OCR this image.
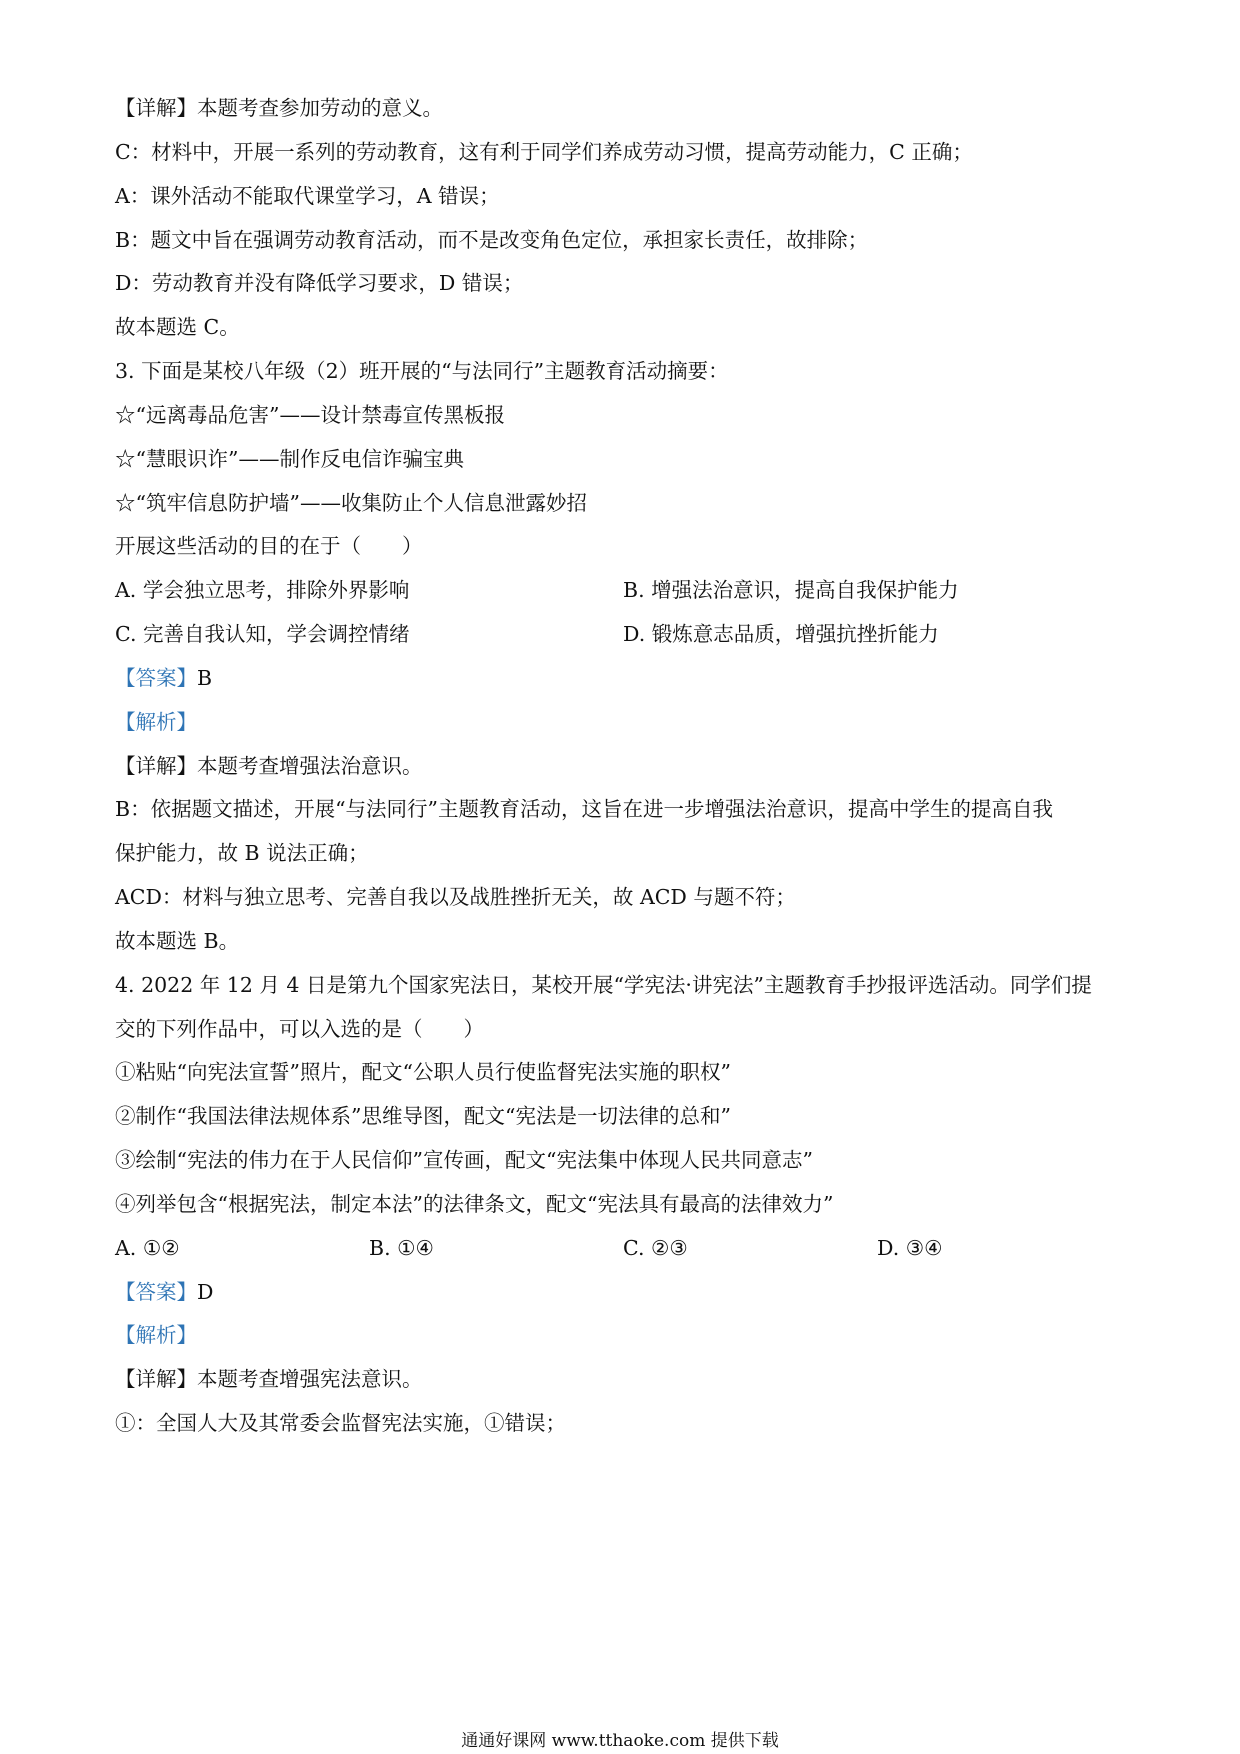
【详解】本题考查参加劳动的意义。
C：材料中，开展一系列的劳动教育，这有利于同学们养成劳动习惯，提高劳动能力，C 正确；
A：课外活动不能取代课堂学习，A 错误；
B：题文中旨在强调劳动教育活动，而不是改变角色定位，承担家长责任，故排除；
D：劳动教育并没有降低学习要求，D 错误；
故本题选 C。
3. 下面是某校八年级（2）班开展的“与法同行”主题教育活动摘要：
☆“远离毒品危害”——设计禁毒宣传黑板报
☆“慧眼识诈”——制作反电信诈骗宝典
☆“筑牢信息防护墙”——收集防止个人信息泄露妙招
开展这些活动的目的在于（　　）
A. 学会独立思考，排除外界影响	B. 增强法治意识，提高自我保护能力
C. 完善自我认知，学会调控情绪	D. 锻炼意志品质，增强抗挫折能力
【答案】B
【解析】
【详解】本题考查增强法治意识。
B：依据题文描述，开展“与法同行”主题教育活动，这旨在进一步增强法治意识，提高中学生的提高自我
保护能力，故 B 说法正确；
ACD：材料与独立思考、完善自我以及战胜挫折无关，故 ACD 与题不符；
故本题选 B。
4. 2022 年 12 月 4 日是第九个国家宪法日，某校开展“学宪法·讲宪法”主题教育手抄报评选活动。同学们提
交的下列作品中，可以入选的是（　　）
①粘贴“向宪法宣誓”照片，配文“公职人员行使监督宪法实施的职权”
②制作“我国法律法规体系”思维导图，配文“宪法是一切法律的总和”
③绘制“宪法的伟力在于人民信仰”宣传画，配文“宪法集中体现人民共同意志”
④列举包含“根据宪法，制定本法”的法律条文，配文“宪法具有最高的法律效力”
A. ①②	B. ①④	C. ②③	D. ③④
【答案】D
【解析】
【详解】本题考查增强宪法意识。
①：全国人大及其常委会监督宪法实施，①错误；
通通好课网 www.tthaoke.com 提供下载
